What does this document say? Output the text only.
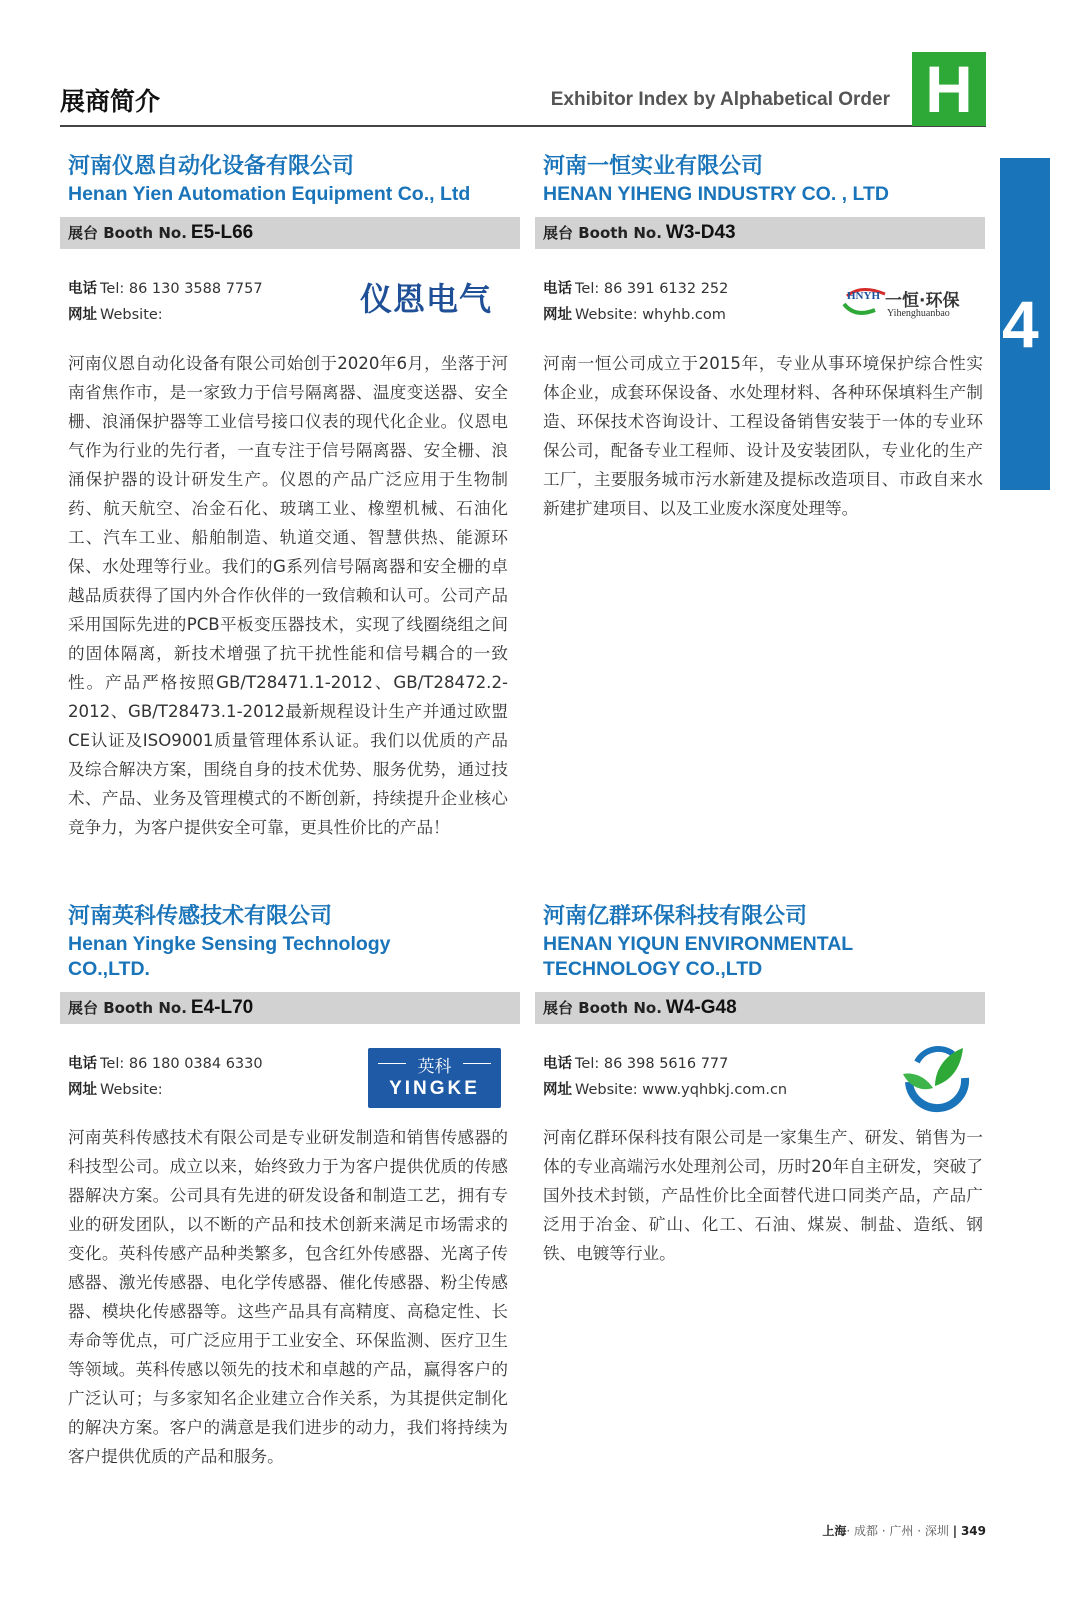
展商简介	Exhibitor Index by Alphabetical Order H
4
河南仪恩自动化设备有限公司
Henan Yien Automation Equipment Co., Ltd
展台 Booth No. E5-L66
电话 Tel: 86 130 3588 7757
网址 Website:	仪恩电气
河南仪恩自动化设备有限公司始创于2020年6月，坐落于河南省焦作市，是一家致力于信号隔离器、温度变送器、安全栅、浪涌保护器等工业信号接口仪表的现代化企业。仪恩电气作为行业的先行者，一直专注于信号隔离器、安全栅、浪涌保护器的设计研发生产。仪恩的产品广泛应用于生物制药、航天航空、冶金石化、玻璃工业、橡塑机械、石油化工、汽车工业、船舶制造、轨道交通、智慧供热、能源环保、水处理等行业。我们的G系列信号隔离器和安全栅的卓越品质获得了国内外合作伙伴的一致信赖和认可。公司产品采用国际先进的PCB平板变压器技术，实现了线圈绕组之间的固体隔离，新技术增强了抗干扰性能和信号耦合的一致性。产品严格按照GB/T28471.1-2012、GB/T28472.2-2012、GB/T28473.1-2012最新规程设计生产并通过欧盟CE认证及ISO9001质量管理体系认证。我们以优质的产品及综合解决方案，围绕自身的技术优势、服务优势，通过技术、产品、业务及管理模式的不断创新，持续提升企业核心竞争力，为客户提供安全可靠，更具性价比的产品！
河南一恒实业有限公司
HENAN YIHENG INDUSTRY CO. , LTD
展台 Booth No. W3-D43
电话 Tel: 86 391 6132 252
网址 Website: whyhb.com
HNYH 一恒·环保
Yihenghuanbao
河南一恒公司成立于2015年，专业从事环境保护综合性实体企业，成套环保设备、水处理材料、各种环保填料生产制造、环保技术咨询设计、工程设备销售安装于一体的专业环保公司，配备专业工程师、设计及安装团队，专业化的生产工厂，主要服务城市污水新建及提标改造项目、市政自来水新建扩建项目、以及工业废水深度处理等。
河南英科传感技术有限公司
Henan Yingke Sensing Technology
CO.,LTD.
展台 Booth No. E4-L70
电话 Tel: 86 180 0384 6330
网址 Website:
英科
YINGKE
河南英科传感技术有限公司是专业研发制造和销售传感器的科技型公司。成立以来，始终致力于为客户提供优质的传感器解决方案。公司具有先进的研发设备和制造工艺，拥有专业的研发团队，以不断的产品和技术创新来满足市场需求的变化。英科传感产品种类繁多，包含红外传感器、光离子传感器、激光传感器、电化学传感器、催化传感器、粉尘传感器、模块化传感器等。这些产品具有高精度、高稳定性、长寿命等优点，可广泛应用于工业安全、环保监测、医疗卫生等领域。英科传感以领先的技术和卓越的产品，赢得客户的广泛认可；与多家知名企业建立合作关系，为其提供定制化的解决方案。客户的满意是我们进步的动力，我们将持续为客户提供优质的产品和服务。
河南亿群环保科技有限公司
HENAN YIQUN ENVIRONMENTAL
TECHNOLOGY CO.,LTD
展台 Booth No. W4-G48
电话 Tel: 86 398 5616 777
网址 Website: www.yqhbkj.com.cn
河南亿群环保科技有限公司是一家集生产、研发、销售为一体的专业高端污水处理剂公司，历时20年自主研发，突破了国外技术封锁，产品性价比全面替代进口同类产品，产品广泛用于冶金、矿山、化工、石油、煤炭、制盐、造纸、钢铁、电镀等行业。
上海· 成都 · 广州 · 深圳 | 349
